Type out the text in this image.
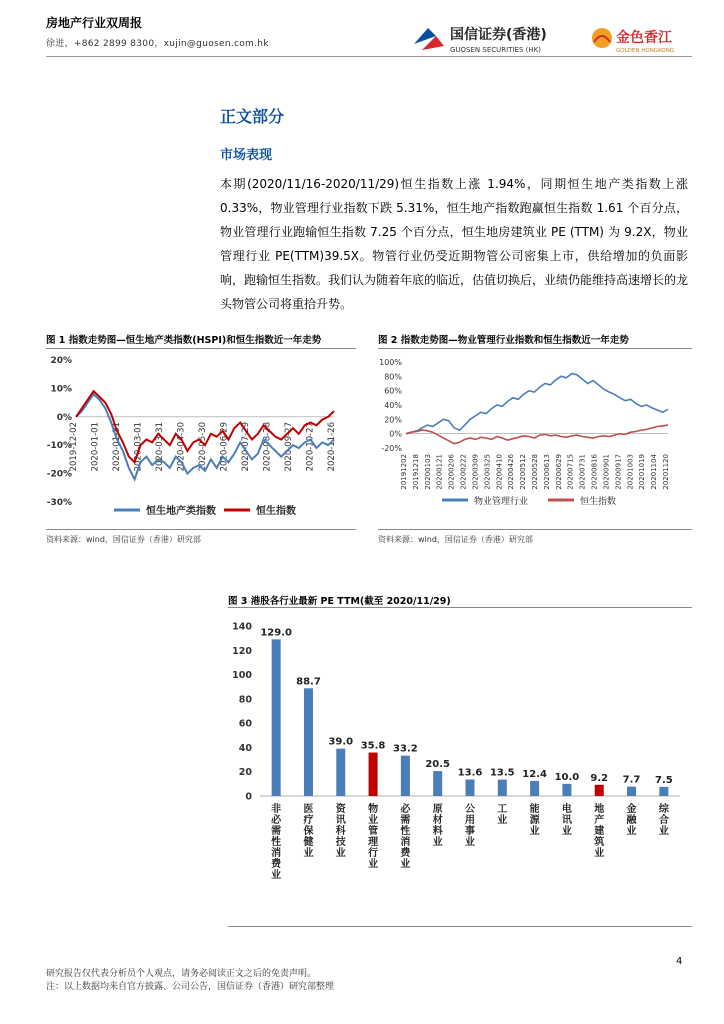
房地产行业双周报
徐进，+862 2899 8300，xujin@guosen.com.hk
国信证券(香港)
GUOSEN SECURITIES (HK)
金色香江
GOLDEN HONGKONG
正文部分
市场表现
本期(2020/11/16-2020/11/29)恒生指数上涨 1.94%，同期恒生地产类指数上涨 0.33%，物业管理行业指数下跌 5.31%，恒生地产指数跑赢恒生指数 1.61 个百分点，物业管理行业跑输恒生指数 7.25 个百分点，恒生地房建筑业 PE (TTM) 为 9.2X，物业管理行业 PE(TTM)39.5X。物管行业仍受近期物管公司密集上市，供给增加的负面影响，跑输恒生指数。我们认为随着年底的临近，估值切换后，业绩仍能维持高速增长的龙头物管公司将重拾升势。
图 1 指数走势图—恒生地产类指数(HSPI)和恒生指数近一年走势
20%
10%
0%
-10%
-20%
-30%
2019-12-02 2020-01-01 2020-01-31 2020-03-01 2020-03-31 2020-04-30 2020-05-30 2020-06-29 2020-07-29 2020-08-28 2020-09-27 2020-10-27 2020-11-26
恒生地产类指数	恒生指数
资料来源：wind，国信证券（香港）研究部
图 2 指数走势图—物业管理行业指数和恒生指数近一年走势
100%
80%
60%
40%
20%
0%
-20%
20191202 20191218 20200103 20200121 20200206 20200222 20200309 20200325 20200410 20200426 20200512 20200528 20200613 20200629 20200715 20200731 20200816 20200901 20200917 20201003 20201019 20201104 20201120
物业管理行业	恒生指数
资料来源：wind，国信证券（香港）研究部
图 3 港股各行业最新 PE TTM(截至 2020/11/29)
140
120
100
80
60
40
20
0
129.0
非必需性消费业
88.7
医疗保健业
39.0
资讯科技业
35.8
物业管理行业
33.2
必需性消费业
20.5
原材料业
13.6
公用事业
13.5
工业
12.4
能源业
10.0
电讯业
9.2
地产建筑业
7.7
金融业
7.5
综合业
4
研究报告仅代表分析员个人观点，请务必阅读正文之后的免责声明。
注：以上数据均来自官方披露、公司公告，国信证券（香港）研究部整理
